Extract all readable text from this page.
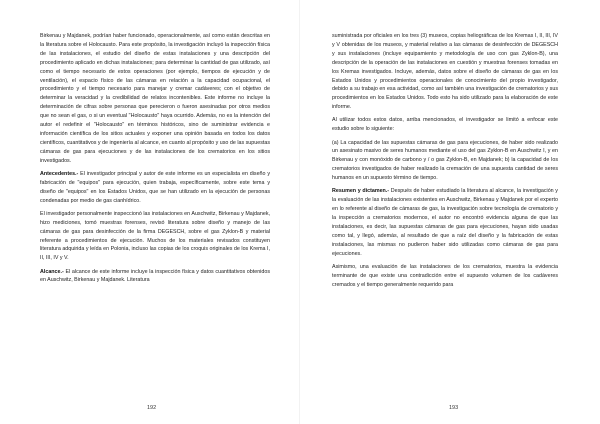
Birkenau y Majdanek, podrían haber funcionado, operacionalmente, así como están descritas en la literatura sobre el Holocausto. Para este propósito, la investigación incluyó la inspección física de las instalaciones, el estudio del diseño de estas instalaciones y una descripción del procedimiento aplicado en dichas instalaciones; para determinar la cantidad de gas utilizado, así como el tiempo necesario de estos operaciones (por ejemplo, tiempos de ejecución y de ventilación), el espacio físico de las cámaras en relación a la capacidad ocupacional, el procedimiento y el tiempo necesario para manejar y cremar cadáveres; con el objetivo de determinar la veracidad y la credibilidad de relatos incontenibles. Este informe no incluye la determinación de cifras sobre personas que perecieron o fueron asesinadas por otros medios que no sean el gas, o si un eventual "Holocausto" haya ocurrido. Además, no es la intención del autor el redefinir el "Holocausto" en términos históricos, sino de suministrar evidencia e información científica de los sitios actuales y exponer una opinión basada en todos los datos científicos, cuantitativos y de ingeniería al alcance, en cuanto al propósito y uso de las supuestas cámaras de gas para ejecuciones y de las instalaciones de los crematorios en los sitios investigados.

Antecedentes.- El investigador principal y autor de este informe es un especialista en diseño y fabricación de "equipos" para ejecución, quien trabaja, específicamente, sobre este tema y diseño de "equipos" en los Estados Unidos, que se han utilizado en la ejecución de personas condenadas por medio de gas cianhídrico.

El investigador personalmente inspeccionó las instalaciones en Auschwitz, Birkenau y Majdanek, hizo mediciones, tomó muestras forenses, revisó literatura sobre diseño y manejo de las cámaras de gas para desinfección de la firma DEGESCH, sobre el gas Zyklon-B y material referente a procedimientos de ejecución. Muchos de los materiales revisados constituyen literatura adquirida y leída en Polonia, incluso las copias de los croquis originales de los Krema I, II, III, IV y V.

Alcance.- El alcance de este informe incluye la inspección física y datos cuantitativos obtenidos en Auschwitz, Birkenau y Majdanek. Literatura

192

suministrada por oficiales en los tres (3) museos, copias heliográficas de los Kremas I, II, III, IV y V obtenidas de los museos, y material relativo a las cámaras de desinfección de DEGESCH y sus instalaciones (incluye equipamiento y metodología de uso con gas Zyklon-B), una descripción de la operación de las instalaciones en cuestión y muestras forenses tomadas en los Kremas investigados. Incluye, además, datos sobre el diseño de cámaras de gas en los Estados Unidos y procedimientos operacionales de conocimiento del propio investigador, debido a su trabajo en esa actividad, como así también una investigación de crematorios y sus procedimientos en los Estados Unidos. Todo esto ha sido utilizado para la elaboración de este informe.

Al utilizar todos estos datos, arriba mencionados, el investigador se limitó a enfocar este estudio sobre lo siguiente:

(a) La capacidad de las supuestas cámaras de gas para ejecuciones, de haber sido realizado un asesinato masivo de seres humanos mediante el uso del gas Zyklon-B en Auschwitz I, y en Birkenau y con monóxido de carbono y / o gas Zyklon-B, en Majdanek; b) la capacidad de los crematorios investigados de haber realizado la cremación de una supuesta cantidad de seres humanos en un supuesto término de tiempo.

Resumen y dictamen.- Después de haber estudiado la literatura al alcance, la investigación y la evaluación de las instalaciones existentes en Auschwitz, Birkenau y Majdanek por el experto en lo referente al diseño de cámaras de gas, la investigación sobre tecnología de crematorio y la inspección a crematorios modernos, el autor no encontró evidencia alguna de que las instalaciones, es decir, las supuestas cámaras de gas para ejecuciones, hayan sido usadas como tal, y llegó, además, al resultado de que a raíz del diseño y la fabricación de estas instalaciones, las mismas no pudieron haber sido utilizadas como cámaras de gas para ejecuciones.

Asimismo, una evaluación de las instalaciones de los crematorios, muestra la evidencia terminante de que existe una contradicción entre el supuesto volumen de los cadáveres cremados y el tiempo generalmente requerido para

193
